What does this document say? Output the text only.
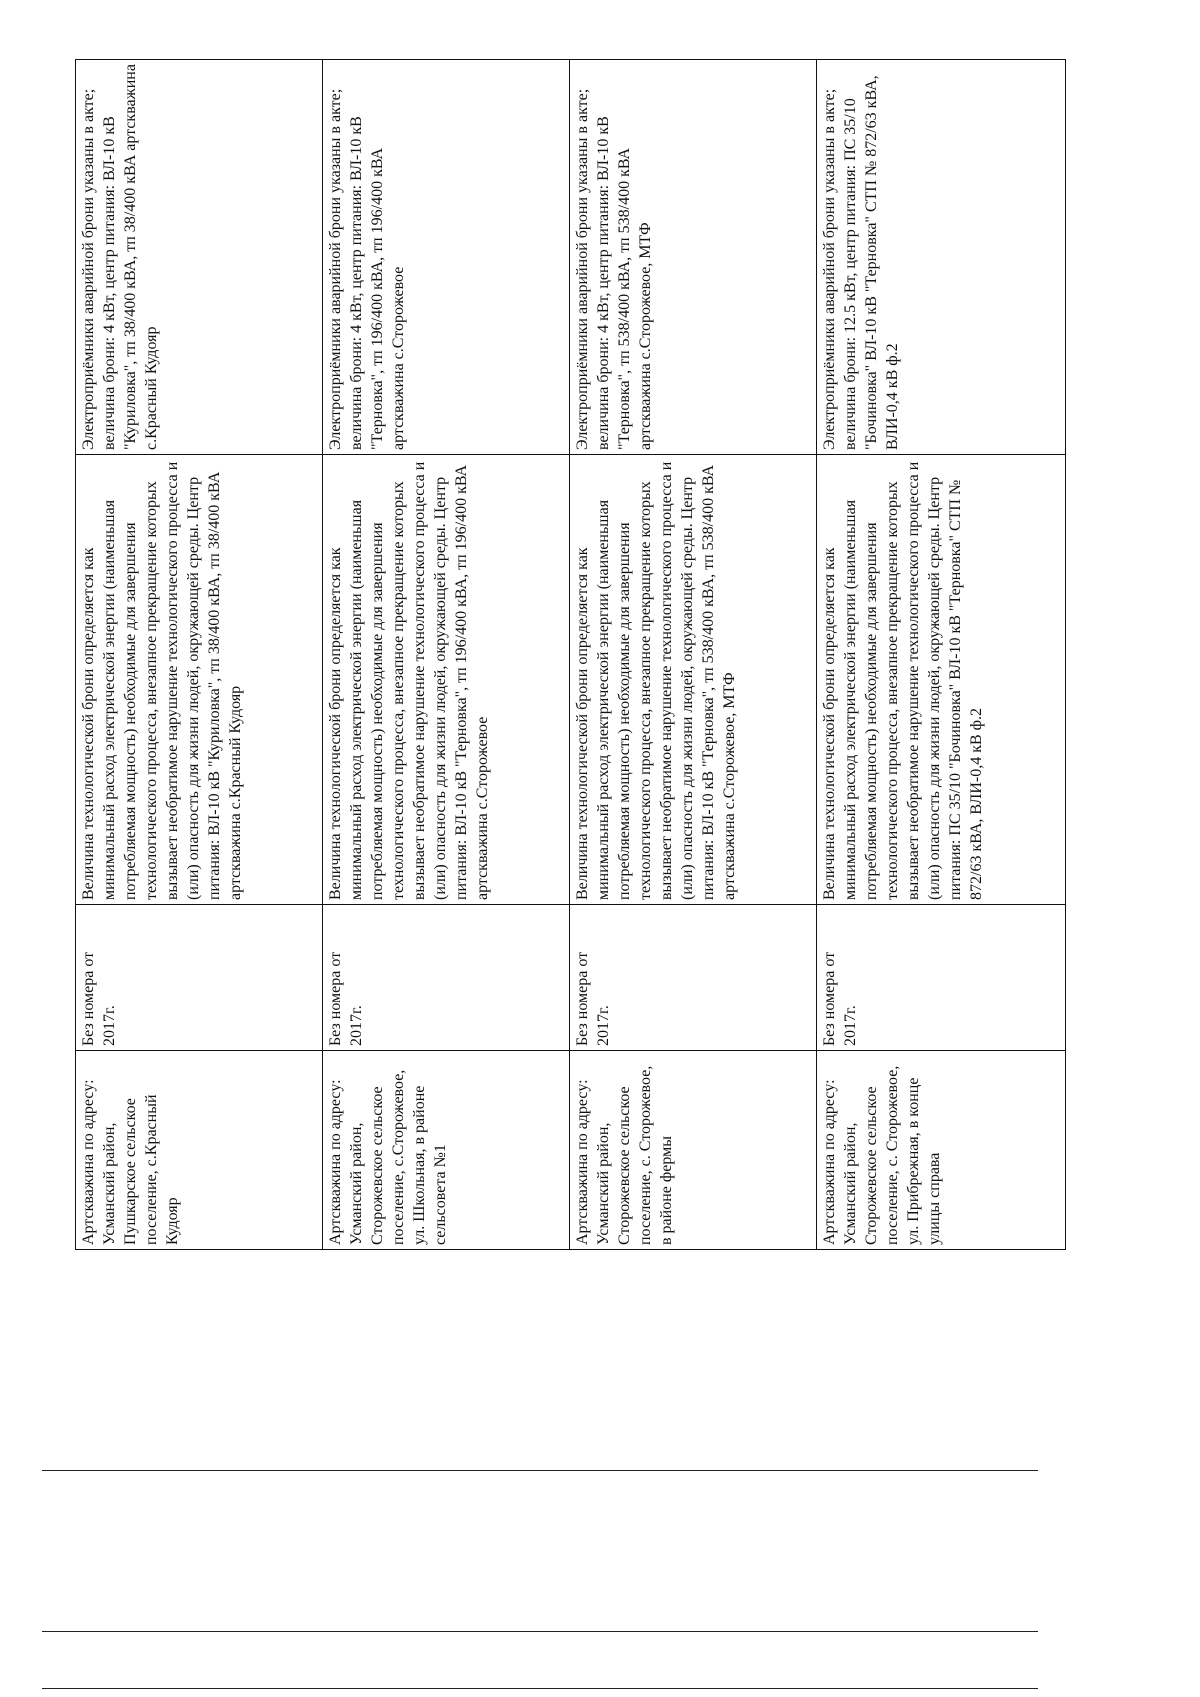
Артскважина по адресу: Усманский район, Пушкарское сельское поселение, с.Красный Кудояр	Без номера от 2017г.	Величина технологической брони определяется как минимальный расход электрической энергии (наименьшая потребляемая мощность) необходимые для завершения технологического процесса, внезапное прекращение которых вызывает необратимое нарушение технологического процесса и (или) опасность для жизни людей, окружающей среды. Центр питания: ВЛ-10 кВ "Куриловка", тп 38/400 кВА, тп 38/400 кВА артскважина с.Красный Кудояр	Электроприёмники аварийной брони указаны в акте; величина брони: 4 кВт, центр питания: ВЛ-10 кВ "Куриловка", тп 38/400 кВА, тп 38/400 кВА артскважина с.Красный Кудояр
Артскважина по адресу: Усманский район, Сторожевское сельское поселение, с.Сторожевое, ул. Школьная, в районе сельсовета №1	Без номера от 2017г.	Величина технологической брони определяется как минимальный расход электрической энергии (наименьшая потребляемая мощность) необходимые для завершения технологического процесса, внезапное прекращение которых вызывает необратимое нарушение технологического процесса и (или) опасность для жизни людей, окружающей среды. Центр питания: ВЛ-10 кВ "Терновка", тп 196/400 кВА, тп 196/400 кВА артскважина с.Сторожевое	Электроприёмники аварийной брони указаны в акте; величина брони: 4 кВт, центр питания: ВЛ-10 кВ "Терновка", тп 196/400 кВА, тп 196/400 кВА артскважина с.Сторожевое
Артскважина по адресу: Усманский район, Сторожевское сельское поселение, с. Сторожевое, в районе фермы	Без номера от 2017г.	Величина технологической брони определяется как минимальный расход электрической энергии (наименьшая потребляемая мощность) необходимые для завершения технологического процесса, внезапное прекращение которых вызывает необратимое нарушение технологического процесса и (или) опасность для жизни людей, окружающей среды. Центр питания: ВЛ-10 кВ "Терновка", тп 538/400 кВА, тп 538/400 кВА артскважина с.Сторожевое, МТФ	Электроприёмники аварийной брони указаны в акте; величина брони: 4 кВт, центр питания: ВЛ-10 кВ "Терновка", тп 538/400 кВА, тп 538/400 кВА артскважина с.Сторожевое, МТФ
Артскважина по адресу: Усманский район, Сторожевское сельское поселение, с. Сторожевое, ул. Прибрежная, в конце улицы справа	Без номера от 2017г.	Величина технологической брони определяется как минимальный расход электрической энергии (наименьшая потребляемая мощность) необходимые для завершения технологического процесса, внезапное прекращение которых вызывает необратимое нарушение технологического процесса и (или) опасность для жизни людей, окружающей среды. Центр питания: ПС 35/10 "Бочиновка" ВЛ-10 кВ "Терновка" СТП № 872/63 кВА, ВЛИ-0,4 кВ ф.2	Электроприёмники аварийной брони указаны в акте; величина брони: 12.5 кВт, центр питания: ПС 35/10 "Бочиновка" ВЛ-10 кВ "Терновка" СТП № 872/63 кВА, ВЛИ-0,4 кВ ф.2
